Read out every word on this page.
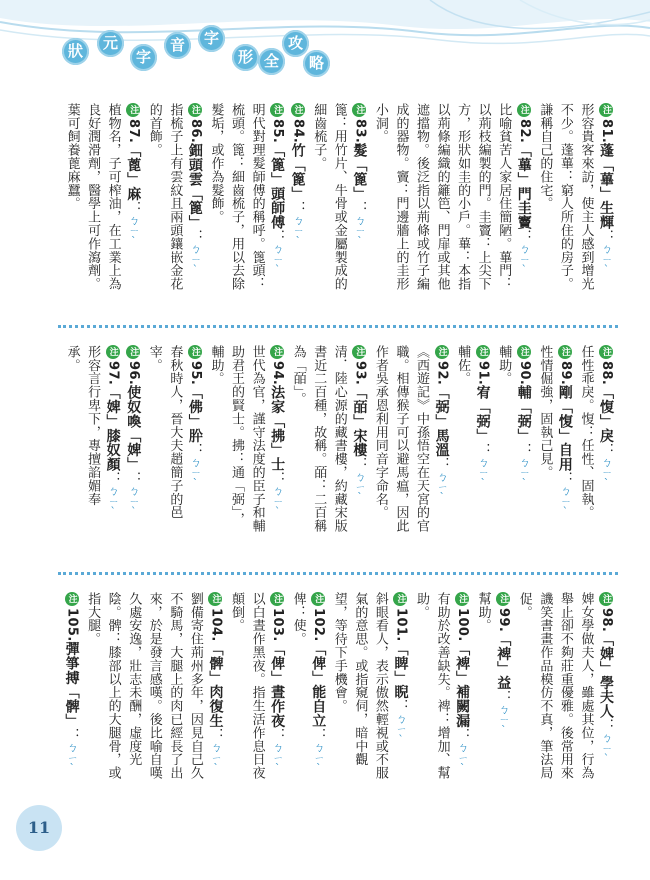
狀	元
字
音	字
形 全
攻
略
注81.蓬「蓽」生輝：ㄅㄧˋ
形容貴客來訪，使主人感到增光
不少。蓬蓽：窮人所住的房子。
謙稱自己的住宅。
注82.「蓽」門圭竇：ㄅㄧˋ
比喻貧苦人家居住簡陋。蓽門：
以荊枝編製的門。圭竇：上尖下
方，形狀如圭的小戶。蓽：本指
以荊條編織的籬笆、門扉或其他
遮擋物。後泛指以荊條或竹子編
成的器物。竇：門邊牆上的圭形
小洞。
注83.髮「篦」：ㄅㄧˋ
篦：用竹片、牛骨或金屬製成的
細齒梳子。
注84.竹「篦」：ㄅㄧˋ
注85.「篦」頭師傅：ㄅㄧˋ
明代對理髮師傅的稱呼。篦頭：
梳頭。篦：細齒梳子，用以去除
髮垢，或作為髮飾。
注86.鈿頭雲「篦」：ㄅㄧˋ
指梳子上有雲紋且兩頭鑲嵌金花
的首飾。
注87.「蓖」麻：ㄅㄧˋ
植物名，子可榨油，在工業上為
良好潤滑劑，醫學上可作瀉劑。
葉可飼養蓖麻蠶。
注88.「愎」戾：ㄅㄧˋ
任性乖戾。愎：任性、固執。
注89.剛「愎」自用：ㄅㄧˋ
性情倔強，固執己見。
注90.輔「弼」：ㄅㄧˋ
輔助。
注91.宥「弼」：ㄅㄧˋ
輔佐。
注92.「弼」馬溫：ㄅㄧˋ
《西遊記》中孫悟空在天宮的官
職。相傳猴子可以避馬瘟，因此
作者吳承恩利用同音字命名。
注93.「皕」宋樓：ㄅㄧˋ
清．陸心源的藏書樓，約藏宋版
書近二百種，故稱。皕：二百稱
為「皕」。
注94.法家「拂」士：ㄅㄧˋ
世代為官，謹守法度的臣子和輔
助君王的賢士。拂：通「弼」，
輔助。
注95.「佛」肸：ㄅㄧˋ
春秋時人，晉大夫趙簡子的邑
宰。
注96.使奴喚「婢」：ㄅㄧˋ
注97.「婢」膝奴顏：ㄅㄧˋ
形容言行卑下，專擅諂媚奉
承。
注98.「婢」學夫人：ㄅㄧˋ
婢女學做夫人，雖處其位，行為
舉止卻不夠莊重優雅。後常用來
譏笑書畫作品模仿不真，筆法局
促。
注99.「裨」益：ㄅㄧˋ
幫助。
注100.「裨」補闕漏：ㄅㄧˋ
有助於改善缺失。裨：增加、幫
助。
注101.「睥」睨：ㄅㄧˋ
斜眼看人，表示傲然輕視或不服
氣的意思。或指窺伺，暗中觀
望，等待下手機會。
注102.「俾」能自立：ㄅㄧˋ
俾：使。
注103.「俾」晝作夜：ㄅㄧˋ
以白晝作黑夜。指生活作息日夜
顛倒。
注104.「髀」肉復生：ㄅㄧˋ
劉備寄住荊州多年，因見自己久
不騎馬，大腿上的肉已經長了出
來，於是發言感嘆。後比喻自嘆
久處安逸，壯志未酬，虛度光
陰。髀：膝部以上的大腿骨，或
指大腿。
注105.彈箏搏「髀」：ㄅㄧˋ
11
